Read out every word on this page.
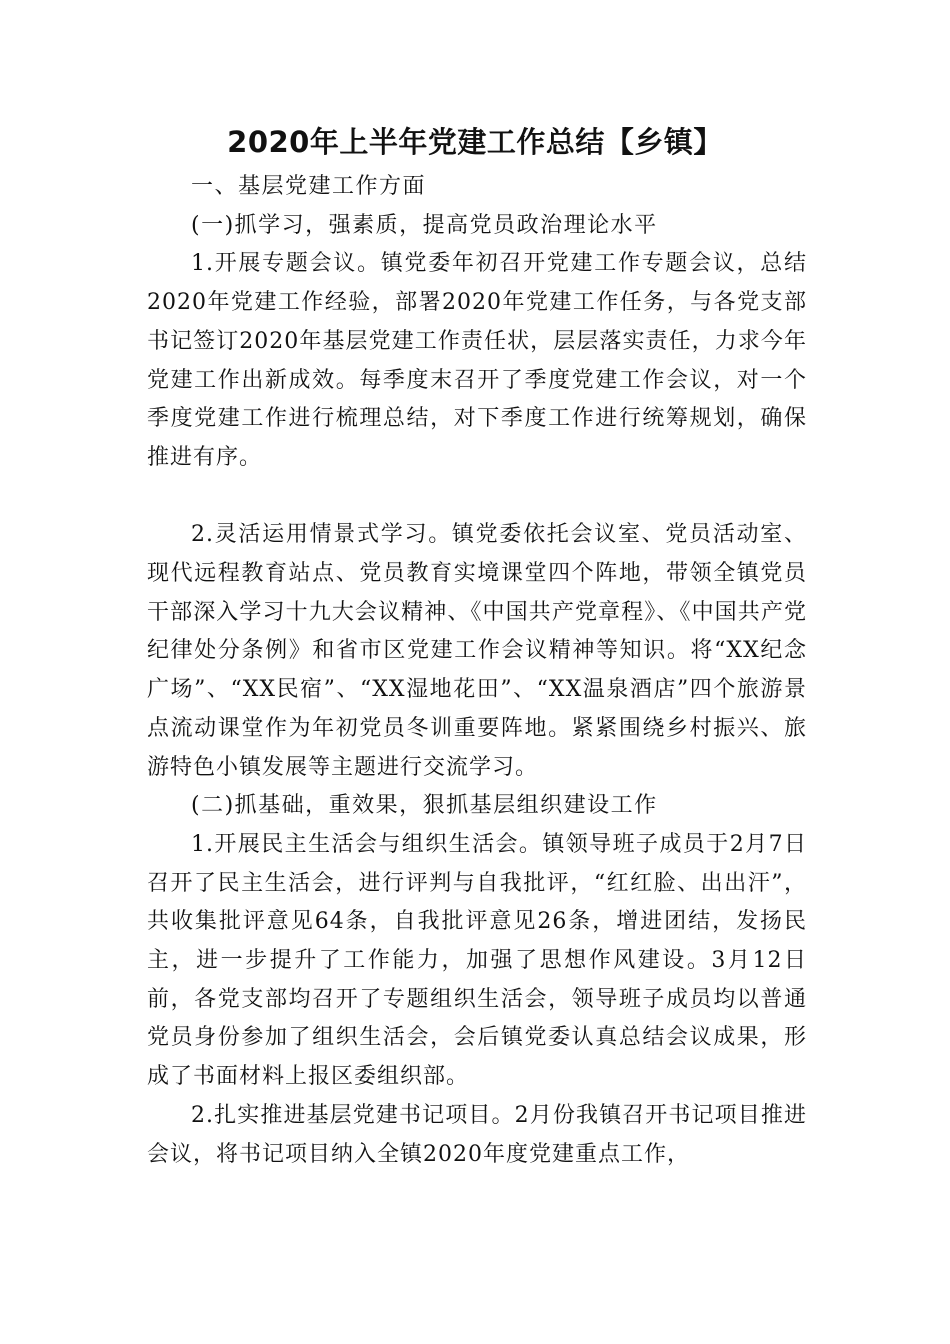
2020年上半年党建工作总结【乡镇】

一、基层党建工作方面

(一)抓学习，强素质，提高党员政治理论水平

1.开展专题会议。镇党委年初召开党建工作专题会议，总结2020年党建工作经验，部署2020年党建工作任务，与各党支部书记签订2020年基层党建工作责任状，层层落实责任，力求今年党建工作出新成效。每季度末召开了季度党建工作会议，对一个季度党建工作进行梳理总结，对下季度工作进行统筹规划，确保推进有序。

2.灵活运用情景式学习。镇党委依托会议室、党员活动室、现代远程教育站点、党员教育实境课堂四个阵地，带领全镇党员干部深入学习十九大会议精神、《中国共产党章程》、《中国共产党纪律处分条例》和省市区党建工作会议精神等知识。将“XX纪念广场”、“XX民宿”、“XX湿地花田”、“XX温泉酒店”四个旅游景点流动课堂作为年初党员冬训重要阵地。紧紧围绕乡村振兴、旅游特色小镇发展等主题进行交流学习。

(二)抓基础，重效果，狠抓基层组织建设工作

1.开展民主生活会与组织生活会。镇领导班子成员于2月7日召开了民主生活会，进行评判与自我批评，“红红脸、出出汗”，共收集批评意见64条，自我批评意见26条，增进团结，发扬民主，进一步提升了工作能力，加强了思想作风建设。3月12日前，各党支部均召开了专题组织生活会，领导班子成员均以普通党员身份参加了组织生活会，会后镇党委认真总结会议成果，形成了书面材料上报区委组织部。

2.扎实推进基层党建书记项目。2月份我镇召开书记项目推进会议，将书记项目纳入全镇2020年度党建重点工作，
